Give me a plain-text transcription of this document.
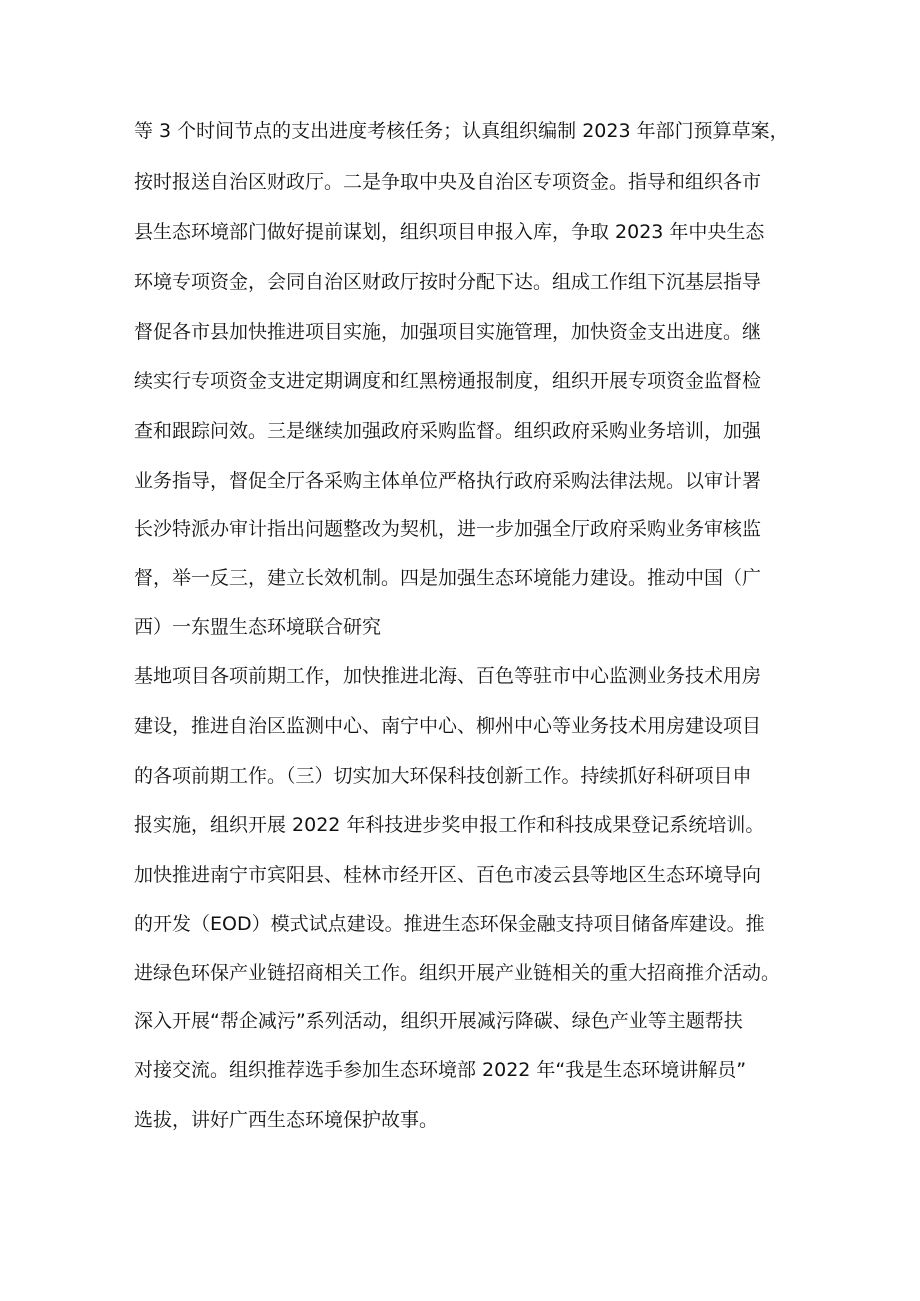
等 3 个时间节点的支出进度考核任务；认真组织编制 2023 年部门预算草案，
按时报送自治区财政厅。二是争取中央及自治区专项资金。指导和组织各市
县生态环境部门做好提前谋划，组织项目申报入库，争取 2023 年中央生态
环境专项资金，会同自治区财政厅按时分配下达。组成工作组下沉基层指导
督促各市县加快推进项目实施，加强项目实施管理，加快资金支出进度。继
续实行专项资金支进定期调度和红黑榜通报制度，组织开展专项资金监督检
查和跟踪问效。三是继续加强政府采购监督。组织政府采购业务培训，加强
业务指导，督促全厅各采购主体单位严格执行政府采购法律法规。以审计署
长沙特派办审计指出问题整改为契机，进一步加强全厅政府采购业务审核监
督，举一反三，建立长效机制。四是加强生态环境能力建设。推动中国（广
西）一东盟生态环境联合研究
基地项目各项前期工作，加快推进北海、百色等驻市中心监测业务技术用房
建设，推进自治区监测中心、南宁中心、柳州中心等业务技术用房建设项目
的各项前期工作。（三）切实加大环保科技创新工作。持续抓好科研项目申
报实施，组织开展 2022 年科技进步奖申报工作和科技成果登记系统培训。
加快推进南宁市宾阳县、桂林市经开区、百色市凌云县等地区生态环境导向
的开发（EOD）模式试点建设。推进生态环保金融支持项目储备库建设。推
进绿色环保产业链招商相关工作。组织开展产业链相关的重大招商推介活动。
深入开展“帮企减污”系列活动，组织开展减污降碳、绿色产业等主题帮扶
对接交流。组织推荐选手参加生态环境部 2022 年“我是生态环境讲解员”
选拔，讲好广西生态环境保护故事。
